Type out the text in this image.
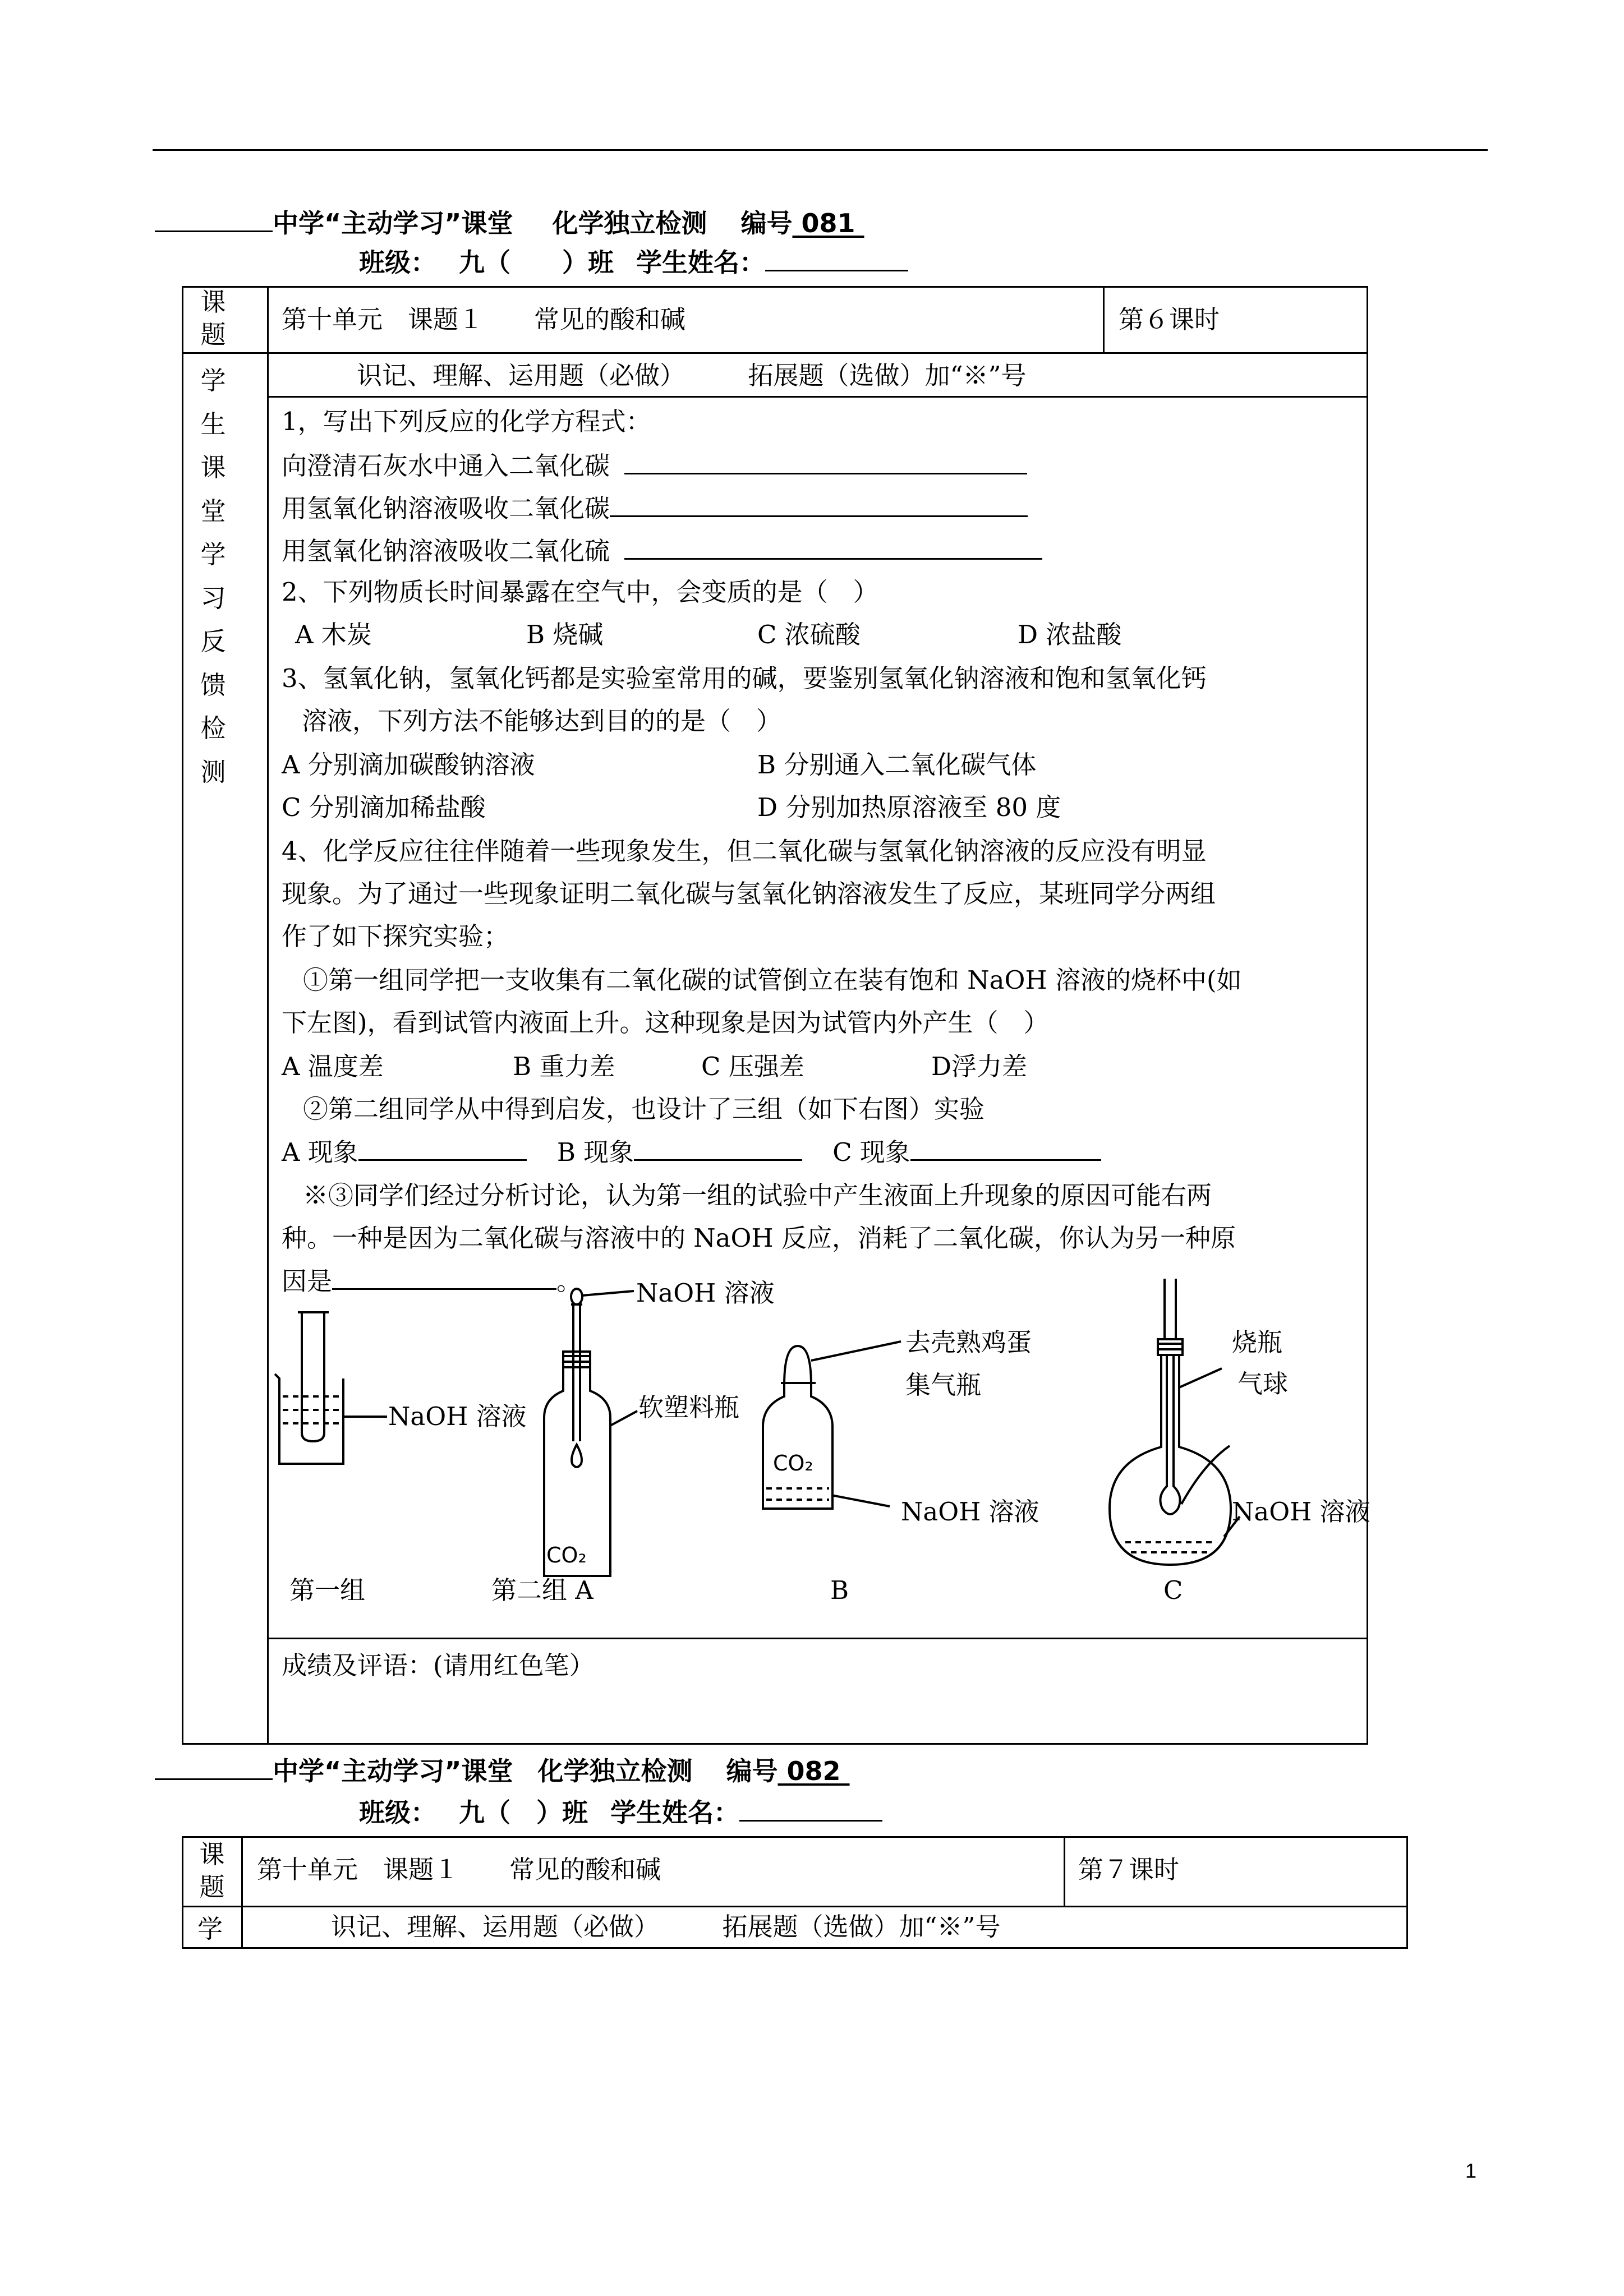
中学“主动学习”课堂 化学独立检测 编号 081
班级： 九（　　）班 学生姓名：
课
题
第十单元　课题１　　常见的酸和碱	第６课时
学
生
课
堂
学
习
反
馈
检
测
识记、理解、运用题（必做）　　　拓展题（选做）加“※”号
1，写出下列反应的化学方程式：
向澄清石灰水中通入二氧化碳
用氢氧化钠溶液吸收二氧化碳
用氢氧化钠溶液吸收二氧化硫
2、下列物质长时间暴露在空气中，会变质的是（　）
A 木炭	B 烧碱	C 浓硫酸	D 浓盐酸
3、氢氧化钠，氢氧化钙都是实验室常用的碱，要鉴别氢氧化钠溶液和饱和氢氧化钙
溶液，下列方法不能够达到目的的是（　）
A 分别滴加碳酸钠溶液	B 分别通入二氧化碳气体
C 分别滴加稀盐酸	D 分别加热原溶液至 80 度
4、化学反应往往伴随着一些现象发生，但二氧化碳与氢氧化钠溶液的反应没有明显
现象。为了通过一些现象证明二氧化碳与氢氧化钠溶液发生了反应，某班同学分两组
作了如下探究实验；
①第一组同学把一支收集有二氧化碳的试管倒立在装有饱和 NaOH 溶液的烧杯中(如
下左图)，看到试管内液面上升。这种现象是因为试管内外产生（　）
A 温度差	B 重力差	C 压强差	D浮力差
②第二组同学从中得到启发，也设计了三组（如下右图）实验
A 现象	B 现象	C 现象
※③同学们经过分析讨论，认为第一组的试验中产生液面上升现象的原因可能右两
种。一种是因为二氧化碳与溶液中的 NaOH 反应，消耗了二氧化碳，你认为另一种原
因是	。
CO₂
CO₂
NaOH 溶液
NaOH 溶液
软塑料瓶
去壳熟鸡蛋
集气瓶
NaOH 溶液
烧瓶
气球
NaOH 溶液
第一组	第二组 A	B	C
成绩及评语：(请用红色笔）
中学“主动学习”课堂 化学独立检测 编号 082
班级： 九（　）班 学生姓名：
课
题
第十单元　课题１　　常见的酸和碱	第７课时
学	识记、理解、运用题（必做）　　　拓展题（选做）加“※”号
1
